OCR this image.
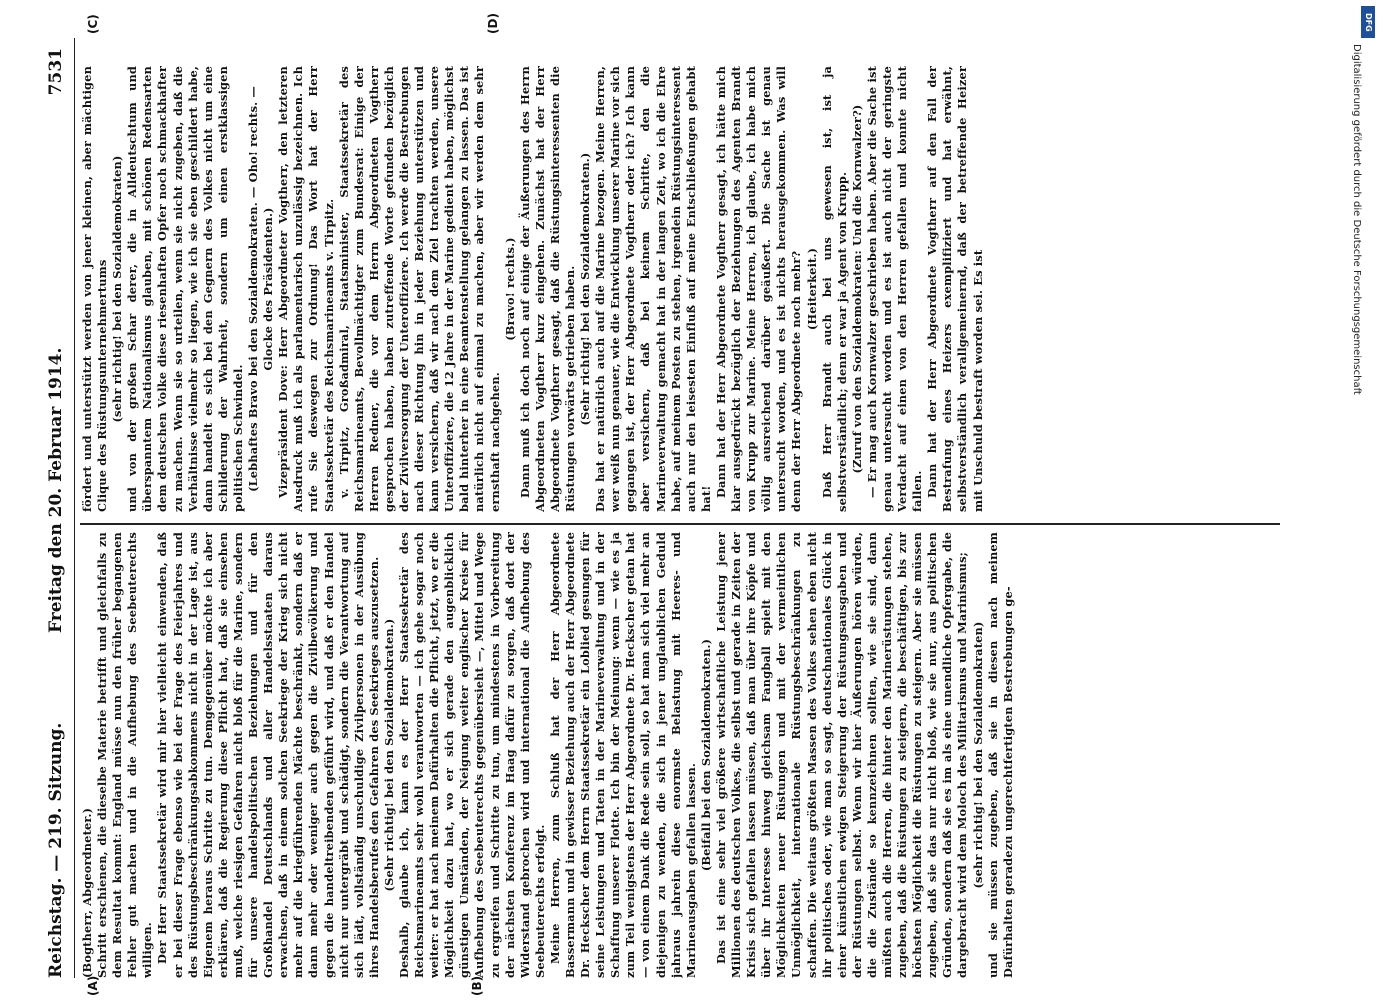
Reichstag. — 219. Sitzung.
Freitag den 20. Februar 1914.
7531
(A)	(B)
(C)	(D)

(Bogtherr, Abgeordneter.) Schritt erschienen, die dieselbe Materie betrifft und gleichfalls zu dem Resultat kommt: England müsse nun den früher begangenen Fehler gut machen und in die Aufhebung des Seebeuterechts willigen. Der Herr Staatssekretär wird mir hier vielleicht einwenden, daß er bei dieser Frage ebenso wie bei der Frage des Feierjahres und des Rüstungsbeschränkungsabkommens nicht in der Lage ist, aus Eigenem heraus Schritte zu tun. Demgegenüber möchte ich aber erklären, daß die Regierung diese Pflicht hat, daß sie einsehen muß, welche riesigen Gefahren nicht bloß für die Marine, sondern für unsere handelspolitischen Beziehungen und für den Großhandel Deutschlands und aller Handelsstaaten daraus erwachsen, daß in einem solchen Seekriege der Krieg sich nicht mehr auf die kriegführenden Mächte beschränkt, sondern daß er dann mehr oder weniger auch gegen die Zivilbevölkerung und gegen die handeltreibenden geführt wird, und daß er den Handel nicht nur untergräbt und schädigt, sondern die Verantwortung auf sich lädt, vollständig unschuldige Zivilpersonen in der Ausübung ihres Handelsberufes den Gefahren des Seekrieges auszusetzen. (Sehr richtig! bei den Sozialdemokraten.) Deshalb, glaube ich, kann es der Herr Staatssekretär des Reichsmarineamts sehr wohl verantworten — ich gehe sogar noch weiter: er hat nach meinem Dafürhalten die Pflicht, jetzt, wo er die Möglichkeit dazu hat, wo er sich gerade den augenblicklich günstigen Umständen, der Neigung weiter englischer Kreise für Aufhebung des Seebeuterechts gegenübersieht —, Mittel und Wege zu ergreifen und Schritte zu tun, um mindestens in Vorbereitung der nächsten Konferenz im Haag dafür zu sorgen, daß dort der Widerstand gebrochen wird und international die Aufhebung des Seebeuterechts erfolgt. Meine Herren, zum Schluß hat der Herr Abgeordnete Bassermann und in gewisser Beziehung auch der Herr Abgeordnete Dr. Heckscher dem Herrn Staatssekretär ein Loblied gesungen für seine Leistungen und Taten in der Marineverwaltung und in der Schaffung unserer Flotte. Ich bin der Meinung: wenn — wie es ja zum Teil wenigstens der Herr Abgeordnete Dr. Heckscher getan hat — von einem Dank die Rede sein soll, so hat man sich viel mehr an diejenigen zu wenden, die sich in jener unglaublichen Geduld jahraus jahrein diese enormste Belastung mit Heeres- und Marineausgaben gefallen lassen. (Beifall bei den Sozialdemokraten.) Das ist eine sehr viel größere wirtschaftliche Leistung jener Millionen des deutschen Volkes, die selbst und gerade in Zeiten der Krisis sich gefallen lassen müssen, daß man über ihre Köpfe und über ihr Interesse hinweg gleichsam Fangball spielt mit den Möglichkeiten neuer Rüstungen und mit der vermeintlichen Unmöglichkeit, internationale Rüstungsbeschränkungen zu schaffen. Die weitaus größten Massen des Volkes sehen eben nicht ihr politisches oder, wie man so sagt, deutschnationales Glück in einer künstlichen ewigen Steigerung der Rüstungsausgaben und der Rüstungen selbst. Wenn wir hier Äußerungen hören würden, die die Zustände so kennzeichnen sollten, wie sie sind, dann müßten auch die Herren, die hinter den Marinerüstungen stehen, zugeben, daß die Rüstungen zu steigern, die beschäftigen, bis zur höchsten Möglichkeit die Rüstungen zu steigern. Aber sie müssen zugeben, daß sie das nur nicht bloß, wie sie nur, aus politischen Gründen, sondern daß sie es im als eine unendliche Opfergabe, die dargebracht wird dem Moloch des Militarismus und Marinismus; (sehr richtig! bei den Sozialdemokraten) und sie müssen zugeben, daß sie in diesen nach meinem Dafürhalten geradezu ungerechtfertigten Bestrebungen ge-

fördert und unterstützt werden von jener kleinen, aber mächtigen Clique des Rüstungsunternehmertums (sehr richtig! bei den Sozialdemokraten) und von der großen Schar derer, die in Alldeutschtum und überspanntem Nationalismus glauben, mit schönen Redensarten dem deutschen Volke diese riesenhaften Opfer noch schmackhafter zu machen. Wenn sie so urteilen, wenn sie nicht zugeben, daß die Verhältnisse vielmehr so liegen, wie ich sie eben geschildert habe, dann handelt es sich bei den Gegnern des Volkes nicht um eine Schilderung der Wahrheit, sondern um einen erstklassigen politischen Schwindel. (Lebhaftes Bravo bei den Sozialdemokraten. — Oho! rechts. — Glocke des Präsidenten.) Vizepräsident Dove: Herr Abgeordneter Vogtherr, den letzteren Ausdruck muß ich als parlamentarisch unzulässig bezeichnen. Ich rufe Sie deswegen zur Ordnung! Das Wort hat der Herr Staatssekretär des Reichsmarineamts v. Tirpitz. v. Tirpitz, Großadmiral, Staatsminister, Staatssekretär des Reichsmarineamts, Bevollmächtigter zum Bundesrat: Einige der Herren Redner, die vor dem Herrn Abgeordneten Vogtherr gesprochen haben, haben zutreffende Worte gefunden bezüglich der Zivilversorgung der Unteroffiziere. Ich werde die Bestrebungen nach dieser Richtung hin in jeder Beziehung unterstützen und kann versichern, daß wir nach dem Ziel trachten werden, unsere Unteroffiziere, die 12 Jahre in der Marine gedient haben, möglichst bald hinterher in eine Beamtenstellung gelangen zu lassen. Das ist natürlich nicht auf einmal zu machen, aber wir werden dem sehr ernsthaft nachgehen.

(Bravo! rechts.) Dann muß ich doch noch auf einige der Äußerungen des Herrn Abgeordneten Vogtherr kurz eingehen. Zunächst hat der Herr Abgeordnete Vogtherr gesagt, daß die Rüstungsinteressenten die Rüstungen vorwärts getrieben haben. (Sehr richtig! bei den Sozialdemokraten.) Das hat er natürlich auch auf die Marine bezogen. Meine Herren, wer weiß nun genauer, wie die Entwicklung unserer Marine vor sich gegangen ist, der Herr Abgeordnete Vogtherr oder ich? Ich kann aber versichern, daß bei keinem Schritte, den die Marineverwaltung gemacht hat in der langen Zeit, wo ich die Ehre habe, auf meinem Posten zu stehen, irgendein Rüstungsinteressent auch nur den leisesten Einfluß auf meine Entschließungen gehabt hat!

Dann hat der Herr Abgeordnete Vogtherr gesagt, ich hätte mich klar ausgedrückt bezüglich der Beziehungen des Agenten Brandt von Krupp zur Marine. Meine Herren, ich glaube, ich habe mich völlig ausreichend darüber geäußert. Die Sache ist genau untersucht worden, und es ist nichts herausgekommen. Was will denn der Herr Abgeordnete noch mehr? (Heiterkeit.) Daß Herr Brandt auch bei uns gewesen ist, ist ja selbstverständlich; denn er war ja Agent von Krupp. (Zuruf von den Sozialdemokraten: Und die Kornwalzer?) — Er mag auch Kornwalzer geschrieben haben. Aber die Sache ist genau untersucht worden und es ist auch nicht der geringste Verdacht auf einen von den Herren gefallen und konnte nicht fallen. Dann hat der Herr Abgeordnete Vogtherr auf den Fall der Bestrafung eines Heizers exemplifiziert und hat erwähnt, selbstverständlich verallgemeinernd, daß der betreffende Heizer mit Unschuld bestraft worden sei. Es ist

DFG
Digitalisierung gefördert durch die Deutsche Forschungsgemeinschaft
